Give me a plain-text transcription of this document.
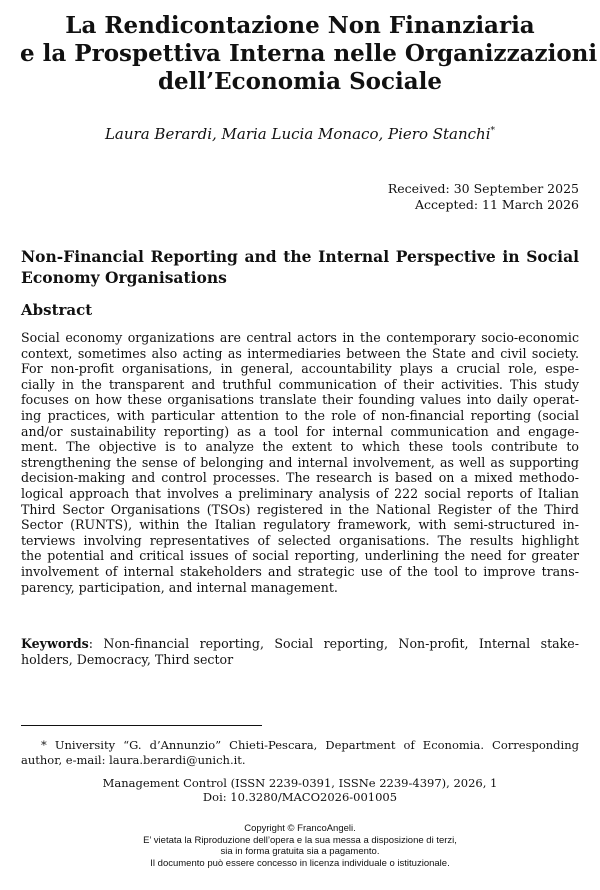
La Rendicontazione Non Finanziaria
e la Prospettiva Interna nelle Organizzazioni
dell’Economia Sociale
Laura Berardi, Maria Lucia Monaco, Piero Stanchi*
Received: 30 September 2025
Accepted: 11 March 2026
Non-Financial Reporting and the Internal Perspective in Social Economy Organisations
Abstract
Social economy organizations are central actors in the contemporary socio-economic
context, sometimes also acting as intermediaries between the State and civil society.
For non-profit organisations, in general, accountability plays a crucial role, espe-
cially in the transparent and truthful communication of their activities. This study
focuses on how these organisations translate their founding values into daily operat-
ing practices, with particular attention to the role of non-financial reporting (social
and/or sustainability reporting) as a tool for internal communication and engage-
ment. The objective is to analyze the extent to which these tools contribute to
strengthening the sense of belonging and internal involvement, as well as supporting
decision-making and control processes. The research is based on a mixed methodo-
logical approach that involves a preliminary analysis of 222 social reports of Italian
Third Sector Organisations (TSOs) registered in the National Register of the Third
Sector (RUNTS), within the Italian regulatory framework, with semi-structured in-
terviews involving representatives of selected organisations. The results highlight
the potential and critical issues of social reporting, underlining the need for greater
involvement of internal stakeholders and strategic use of the tool to improve trans-
parency, participation, and internal management.
Keywords: Non-financial reporting, Social reporting, Non-profit, Internal stake-
holders, Democracy, Third sector
* University “G. d’Annunzio” Chieti-Pescara, Department of Economia. Corresponding
author, e-mail: laura.berardi@unich.it.
Management Control (ISSN 2239-0391, ISSNe 2239-4397), 2026, 1
Doi: 10.3280/MACO2026-001005
Copyright © FrancoAngeli.
E’ vietata la Riproduzione dell’opera e la sua messa a disposizione di terzi,
sia in forma gratuita sia a pagamento.
Il documento può essere concesso in licenza individuale o istituzionale.
